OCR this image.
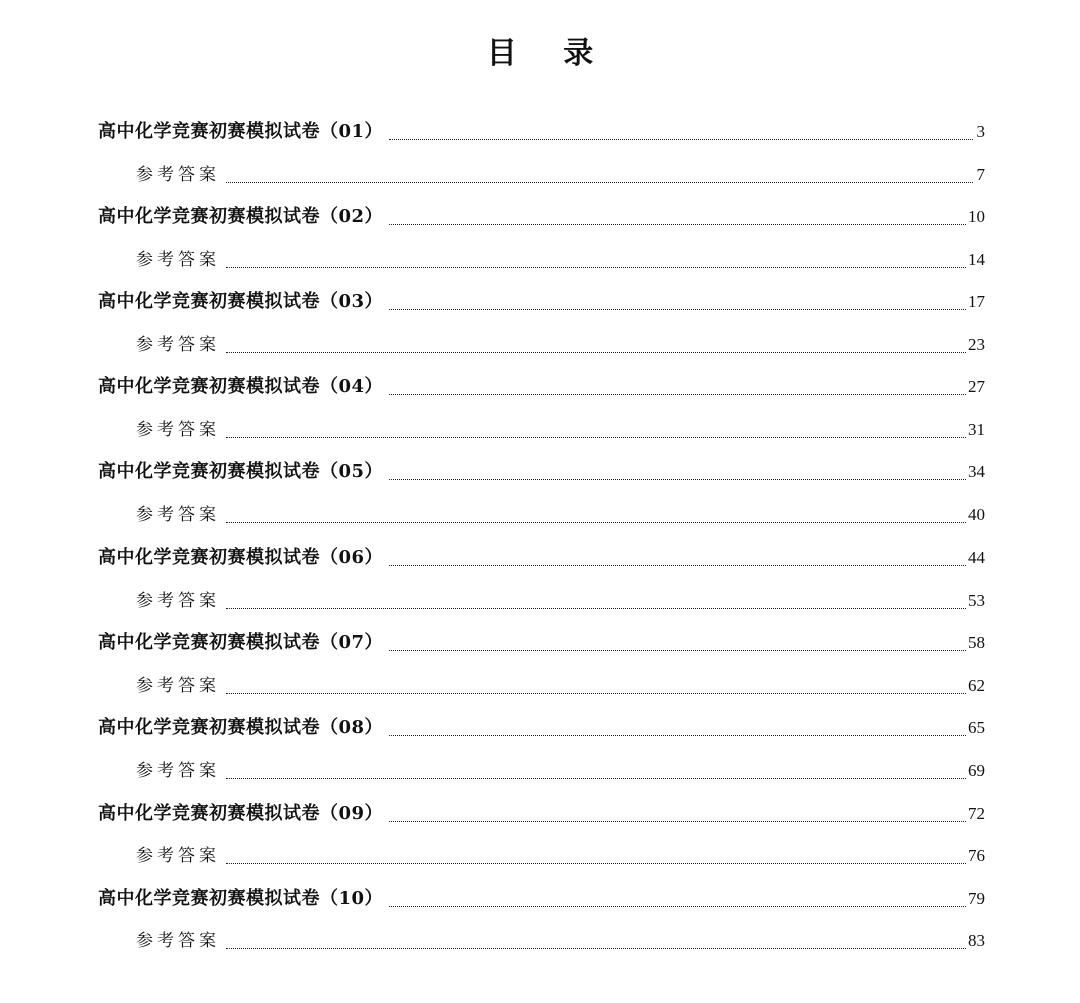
目 录
高中化学竞赛初赛模拟试卷（01）	3
参考答案	7
高中化学竞赛初赛模拟试卷（02）	10
参考答案	14
高中化学竞赛初赛模拟试卷（03）	17
参考答案	23
高中化学竞赛初赛模拟试卷（04）	27
参考答案	31
高中化学竞赛初赛模拟试卷（05）	34
参考答案	40
高中化学竞赛初赛模拟试卷（06）	44
参考答案	53
高中化学竞赛初赛模拟试卷（07）	58
参考答案	62
高中化学竞赛初赛模拟试卷（08）	65
参考答案	69
高中化学竞赛初赛模拟试卷（09）	72
参考答案	76
高中化学竞赛初赛模拟试卷（10）	79
参考答案	83
